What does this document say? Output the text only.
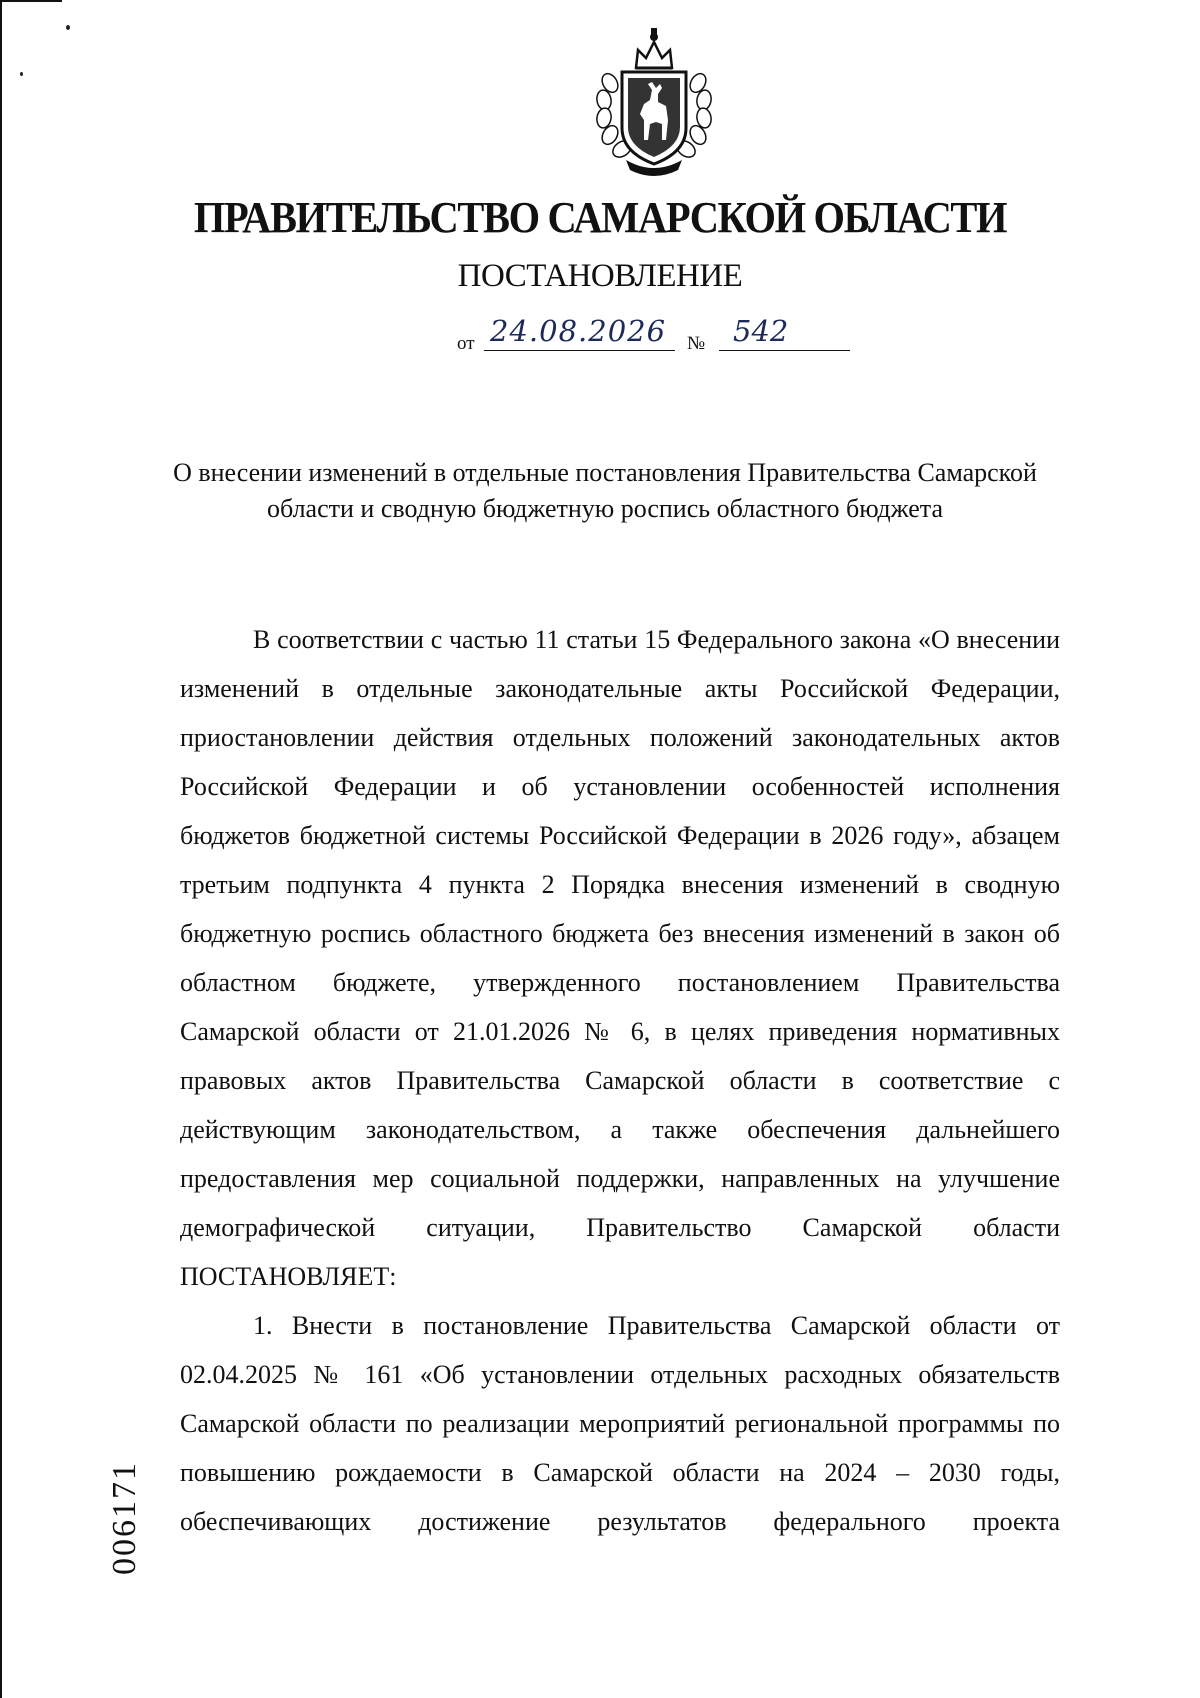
ПРАВИТЕЛЬСТВО САМАРСКОЙ ОБЛАСТИ
ПОСТАНОВЛЕНИЕ
от 24.08.2026	№ 542
О внесении изменений в отдельные постановления Правительства Самарской
области и сводную бюджетную роспись областного бюджета

В соответствии с частью 11 статьи 15 Федерального закона «О внесении изменений в отдельные законодательные акты Российской Федерации, приостановлении действия отдельных положений законодательных актов Российской Федерации и об установлении особенностей исполнения бюджетов бюджетной системы Российской Федерации в 2026 году», абзацем третьим подпункта 4 пункта 2 Порядка внесения изменений в сводную бюджетную роспись областного бюджета без внесения изменений в закон об областном бюджете, утвержденного постановлением Правительства Самарской области от 21.01.2026 № 6, в целях приведения нормативных правовых актов Правительства Самарской области в соответствие с действующим законодательством, а также обеспечения дальнейшего предоставления мер социальной поддержки, направленных на улучшение демографической ситуации, Правительство Самарской области ПОСТАНОВЛЯЕТ:

1. Внести в постановление Правительства Самарской области от 02.04.2025 № 161 «Об установлении отдельных расходных обязательств Самарской области по реализации мероприятий региональной программы по повышению рождаемости в Самарской области на 2024 – 2030 годы, обеспечивающих достижение результатов федерального проекта

006171
